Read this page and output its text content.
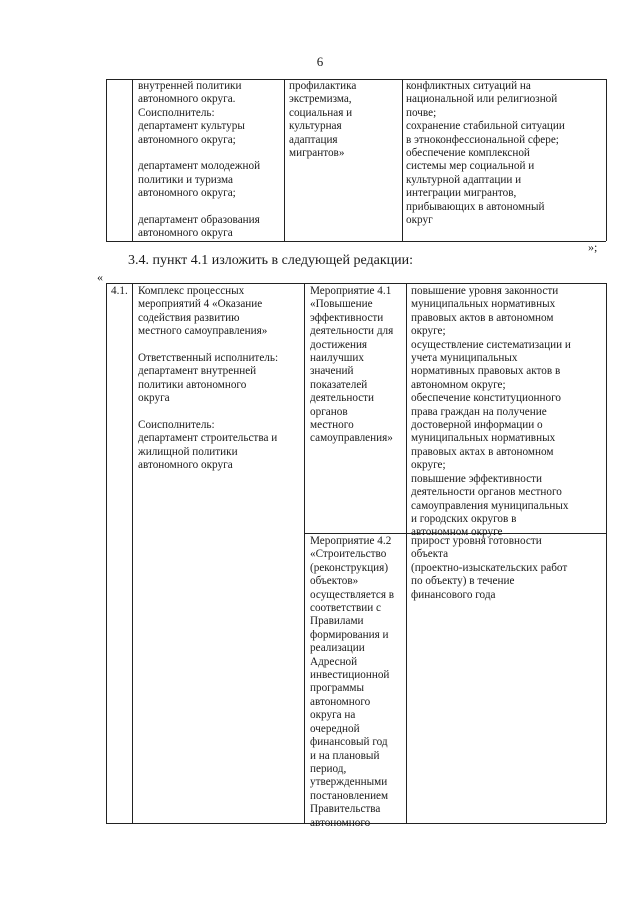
6
внутренней политики
автономного округа.
Соисполнитель:
департамент культуры
автономного округа;
департамент молодежной
политики и туризма
автономного округа;
департамент образования
автономного округа
профилактика
экстремизма,
социальная и
культурная
адаптация
мигрантов»
конфликтных ситуаций на
национальной или религиозной
почве;
сохранение стабильной ситуации
в этноконфессиональной сфере;
обеспечение комплексной
системы мер социальной и
культурной адаптации и
интеграции мигрантов,
прибывающих в автономный
округ
»;
3.4. пункт 4.1 изложить в следующей редакции:
«
4.1. Комплекс процессных
мероприятий 4 «Оказание
содействия развитию
местного самоуправления»
Ответственный исполнитель:
департамент внутренней
политики автономного
округа
Соисполнитель:
департамент строительства и
жилищной политики
автономного округа
Мероприятие 4.1
«Повышение
эффективности
деятельности для
достижения
наилучших
значений
показателей
деятельности
органов
местного
самоуправления»
повышение уровня законности
муниципальных нормативных
правовых актов в автономном
округе;
осуществление систематизации и
учета муниципальных
нормативных правовых актов в
автономном округе;
обеспечение конституционного
права граждан на получение
достоверной информации о
муниципальных нормативных
правовых актах в автономном
округе;
повышение эффективности
деятельности органов местного
самоуправления муниципальных
и городских округов в
автономном округе
Мероприятие 4.2
«Строительство
(реконструкция)
объектов»
осуществляется в
соответствии с
Правилами
формирования и
реализации
Адресной
инвестиционной
программы
автономного
округа на
очередной
финансовый год
и на плановый
период,
утвержденными
постановлением
Правительства
автономного
прирост уровня готовности
объекта
(проектно-изыскательских работ
по объекту) в течение
финансового года
